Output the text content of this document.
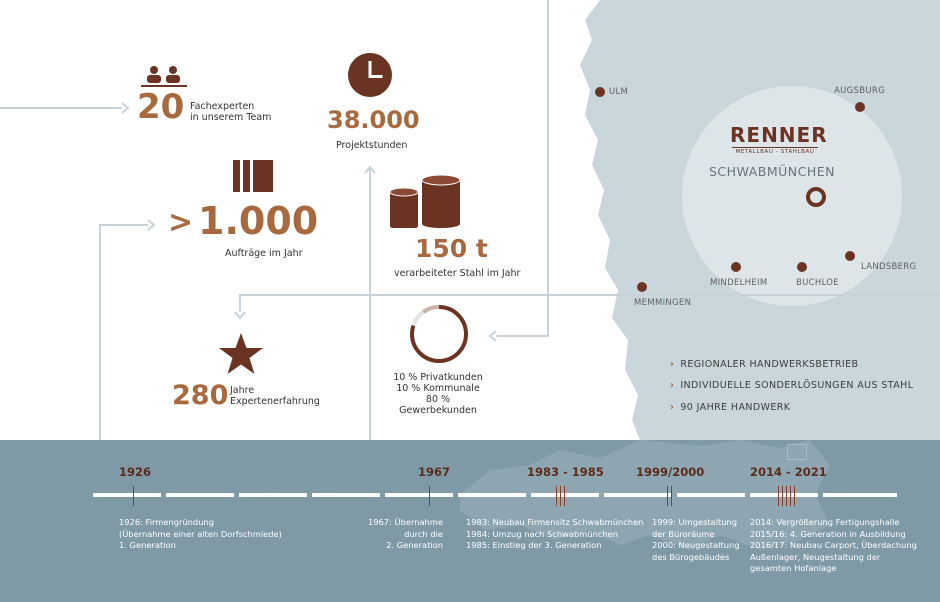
20 Fachexperten
in unserem Team 38.000
Projektstunden
> 1.000
Aufträge im Jahr	150 t
verarbeiteter Stahl im Jahr
280 Jahre
Expertenerfahrung
10 % Privatkunden
10 % Kommunale
80 % Gewerbekunden
RENNER
METALLBAU - STAHLBAU
SCHWABMÜNCHEN
ULM	AUGSBURG
MINDELHEIM	BUCHLOE
LANDSBERG
MEMMINGEN
› REGIONALER HANDWERKSBETRIEB
› INDIVIDUELLE SONDERLÖSUNGEN AUS STAHL
› 90 JAHRE HANDWERK
1926	1967	1983 - 1985	1999/2000	2014 - 2021
1926: Firmengründung
(Übernahme einer alten Dorfschmiede)
1. Generation
1967: Übernahme
durch die
2. Generation
1983: Neubau Firmensitz Schwabmünchen
1984: Umzug nach Schwabmünchen
1985: Einstieg der 3. Generation
1999: Umgestaltung
der Büroräume
2000: Neugestaltung
des Bürogebäudes
2014: Vergrößerung Fertigungshalle
2015/16: 4. Generation in Ausbildung
2016/17: Neubau Carport, Überdachung
Außenlager, Neugestaltung der
gesamten Hofanlage
